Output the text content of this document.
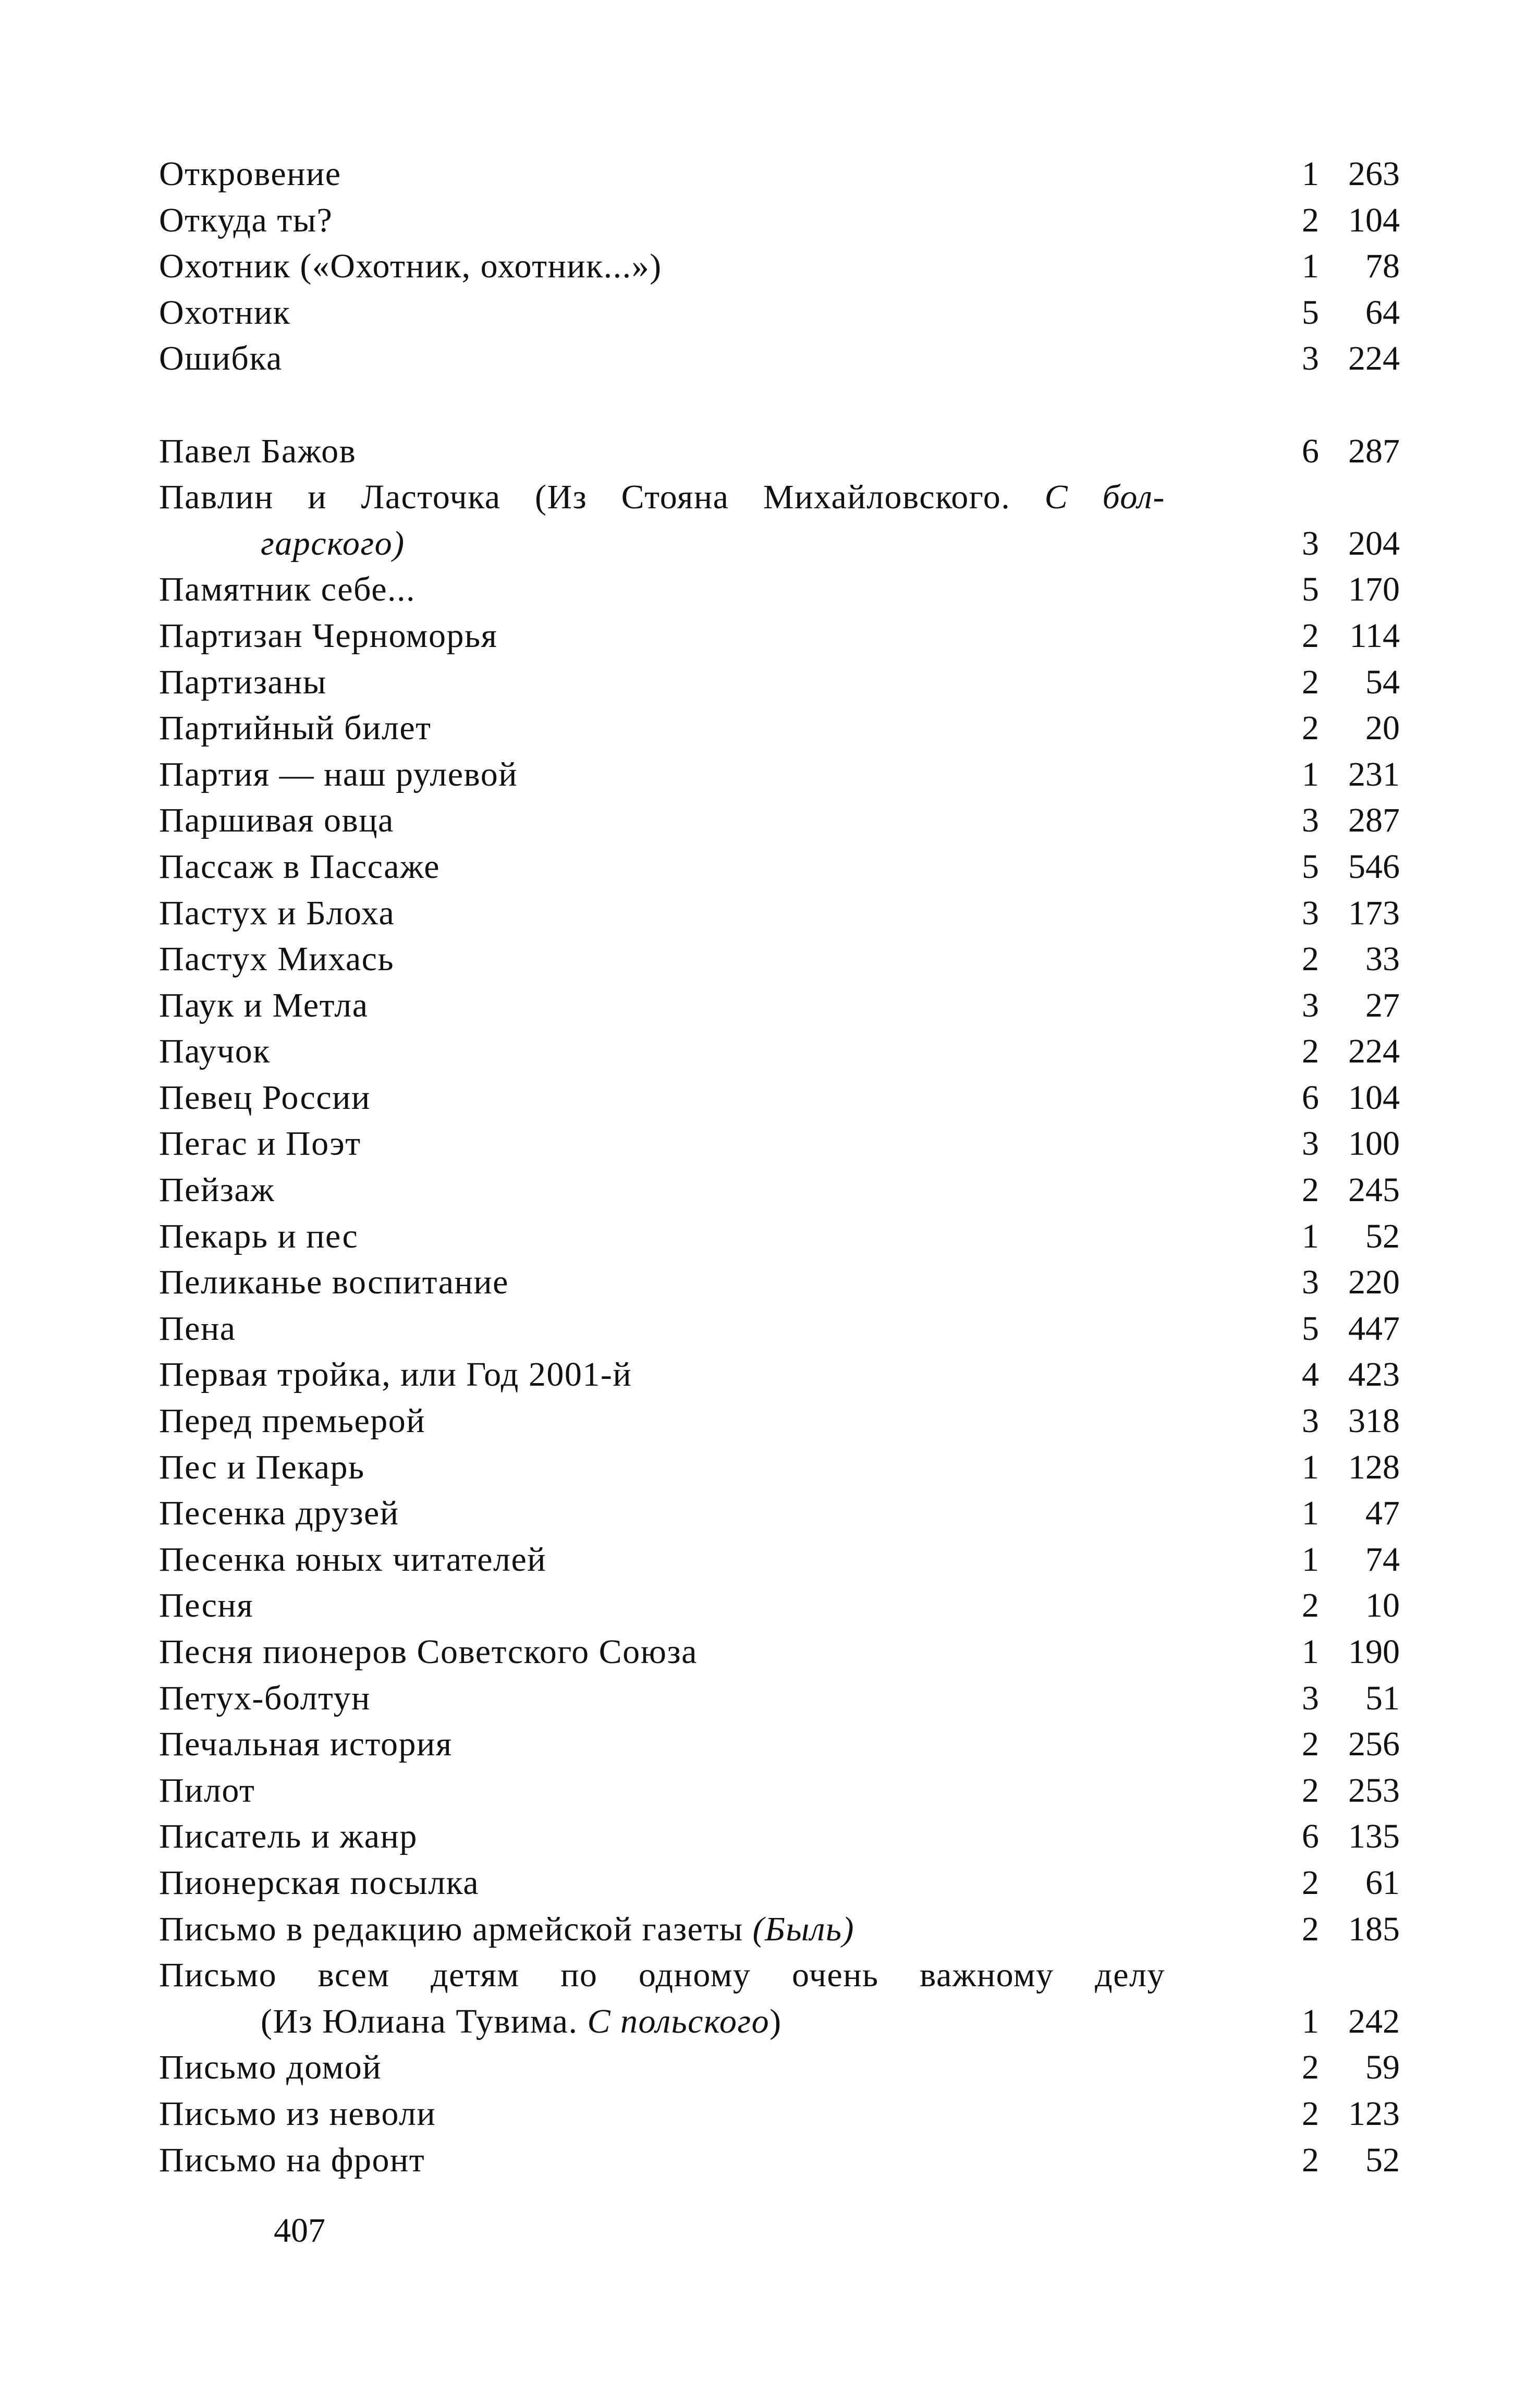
Откровение	1 263
Откуда ты?	2 104
Охотник («Охотник, охотник...»)	1	78
Охотник	5	64
Ошибка	3 224
Павел Бажов	6 287
Павлин и Ласточка (Из Стояна Михайловского. С бол-
гарского)	3 204
Памятник себе...	5 170
Партизан Черноморья	2 114
Партизаны	2	54
Партийный билет	2	20
Партия — наш рулевой	1 231
Паршивая овца	3 287
Пассаж в Пассаже	5 546
Пастух и Блоха	3 173
Пастух Михась	2	33
Паук и Метла	3	27
Паучок	2 224
Певец России	6 104
Пегас и Поэт	3 100
Пейзаж	2 245
Пекарь и пес	1	52
Пеликанье воспитание	3 220
Пена	5 447
Первая тройка, или Год 2001-й	4 423
Перед премьерой	3 318
Пес и Пекарь	1 128
Песенка друзей	1	47
Песенка юных читателей	1	74
Песня	2	10
Песня пионеров Советского Союза	1 190
Петух-болтун	3	51
Печальная история	2 256
Пилот	2 253
Писатель и жанр	6 135
Пионерская посылка	2	61
Письмо в редакцию армейской газеты (Быль)	2 185
Письмо всем детям по одному очень важному делу
(Из Юлиана Тувима. С польского)	1 242
Письмо домой	2	59
Письмо из неволи	2 123
Письмо на фронт	2	52
407
